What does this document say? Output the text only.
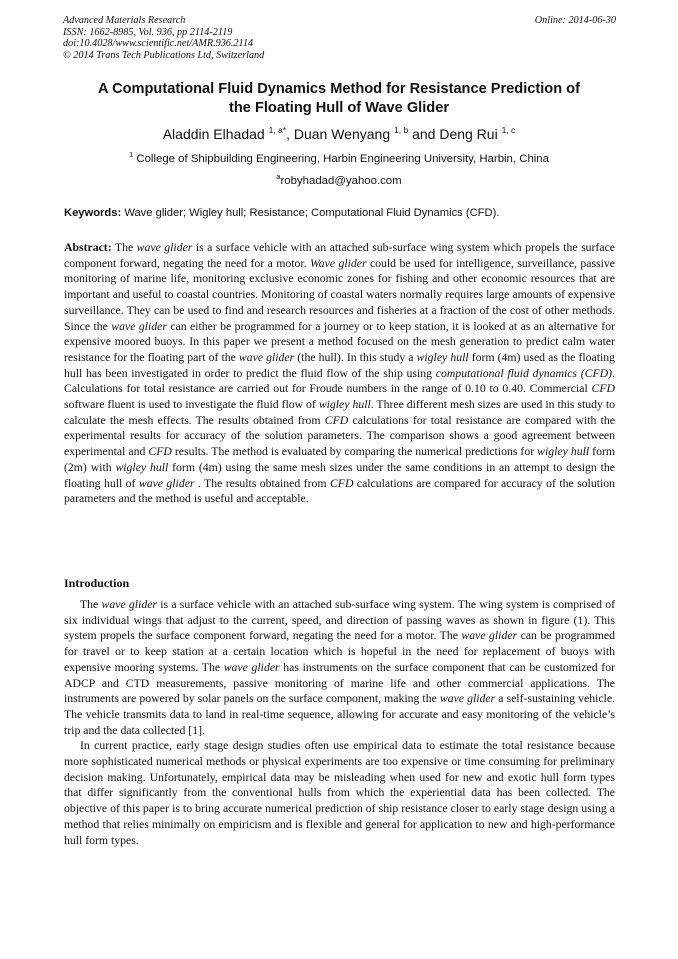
Advanced Materials Research
ISSN: 1662-8985, Vol. 936, pp 2114-2119
doi:10.4028/www.scientific.net/AMR.936.2114
© 2014 Trans Tech Publications Ltd, Switzerland
Online: 2014-06-30
A Computational Fluid Dynamics Method for Resistance Prediction of
the Floating Hull of Wave Glider
Aladdin Elhadad $^{1, a*}$, Duan Wenyang $^{1, b}$ and Deng Rui $^{1, c}$
$^1$ College of Shipbuilding Engineering, Harbin Engineering University, Harbin, China
$^a$robyhadad@yahoo.com
Keywords: Wave glider; Wigley hull; Resistance; Computational Fluid Dynamics (CFD).
Abstract: The wave glider is a surface vehicle with an attached sub-surface wing system which propels the surface component forward, negating the need for a motor. Wave glider could be used for intelligence, surveillance, passive monitoring of marine life, monitoring exclusive economic zones for fishing and other economic resources that are important and useful to coastal countries. Monitoring of coastal waters normally requires large amounts of expensive surveillance. They can be used to find and research resources and fisheries at a fraction of the cost of other methods. Since the wave glider can either be programmed for a journey or to keep station, it is looked at as an alternative for expensive moored buoys. In this paper we present a method focused on the mesh generation to predict calm water resistance for the floating part of the wave glider (the hull). In this study a wigley hull form (4m) used as the floating hull has been investigated in order to predict the fluid flow of the ship using computational fluid dynamics (CFD). Calculations for total resistance are carried out for Froude numbers in the range of 0.10 to 0.40. Commercial CFD software fluent is used to investigate the fluid flow of wigley hull. Three different mesh sizes are used in this study to calculate the mesh effects. The results obtained from CFD calculations for total resistance are compared with the experimental results for accuracy of the solution parameters. The comparison shows a good agreement between experimental and CFD results. The method is evaluated by comparing the numerical predictions for wigley hull form (2m) with wigley hull form (4m) using the same mesh sizes under the same conditions in an attempt to design the floating hull of wave glider . The results obtained from CFD calculations are compared for accuracy of the solution parameters and the method is useful and acceptable.
Introduction

The wave glider is a surface vehicle with an attached sub-surface wing system. The wing system is comprised of six individual wings that adjust to the current, speed, and direction of passing waves as shown in figure (1). This system propels the surface component forward, negating the need for a motor. The wave glider can be programmed for travel or to keep station at a certain location which is hopeful in the need for replacement of buoys with expensive mooring systems. The wave glider has instruments on the surface component that can be customized for ADCP and CTD measurements, passive monitoring of marine life and other commercial applications. The instruments are powered by solar panels on the surface component, making the wave glider a self-sustaining vehicle. The vehicle transmits data to land in real-time sequence, allowing for accurate and easy monitoring of the vehicle’s trip and the data collected [1].

In current practice, early stage design studies often use empirical data to estimate the total resistance because more sophisticated numerical methods or physical experiments are too expensive or time consuming for preliminary decision making. Unfortunately, empirical data may be misleading when used for new and exotic hull form types that differ significantly from the conventional hulls from which the experiential data has been collected. The objective of this paper is to bring accurate numerical prediction of ship resistance closer to early stage design using a method that relies minimally on empiricism and is flexible and general for application to new and high-performance hull form types.
